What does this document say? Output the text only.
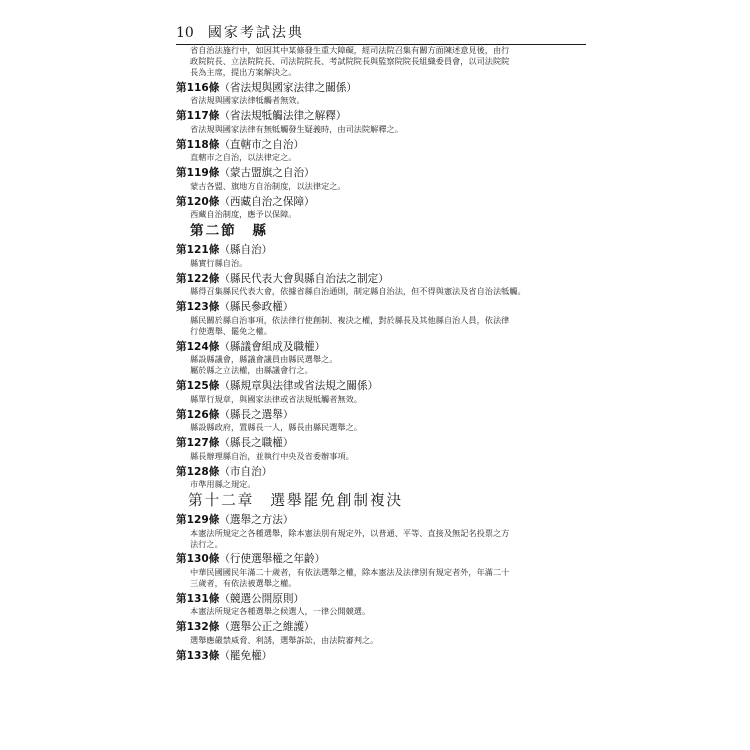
10 國家考試法典
省自治法施行中，如因其中某條發生重大障礙，經司法院召集有關方面陳述意見後，由行
政院院長、立法院院長、司法院院長、考試院院長與監察院院長組織委員會，以司法院院
長為主席，提出方案解決之。
第116條（省法規與國家法律之關係）
省法規與國家法律牴觸者無效。
第117條（省法規牴觸法律之解釋）
省法規與國家法律有無牴觸發生疑義時，由司法院解釋之。
第118條（直轄市之自治）
直轄市之自治，以法律定之。
第119條（蒙古盟旗之自治）
蒙古各盟、旗地方自治制度，以法律定之。
第120條（西藏自治之保障）
西藏自治制度，應予以保障。
第二節　縣
第121條（縣自治）
縣實行縣自治。
第122條（縣民代表大會與縣自治法之制定）
縣得召集縣民代表大會，依據省縣自治通則，制定縣自治法，但不得與憲法及省自治法牴觸。
第123條（縣民參政權）
縣民關於縣自治事項，依法律行使創制、複決之權，對於縣長及其他縣自治人員，依法律
行使選舉、罷免之權。
第124條（縣議會組成及職權）
縣設縣議會，縣議會議員由縣民選舉之。
屬於縣之立法權，由縣議會行之。
第125條（縣規章與法律或省法規之關係）
縣單行規章，與國家法律或省法規牴觸者無效。
第126條（縣長之選舉）
縣設縣政府，置縣長一人，縣長由縣民選舉之。
第127條（縣長之職權）
縣長辦理縣自治，並執行中央及省委辦事項。
第128條（市自治）
市準用縣之規定。
第十二章 選舉罷免創制複決
第129條（選舉之方法）
本憲法所規定之各種選舉，除本憲法別有規定外，以普通、平等、直接及無記名投票之方
法行之。
第130條（行使選舉權之年齡）
中華民國國民年滿二十歲者，有依法選舉之權，除本憲法及法律別有規定者外，年滿二十
三歲者，有依法被選舉之權。
第131條（競選公開原則）
本憲法所規定各種選舉之候選人，一律公開競選。
第132條（選舉公正之維護）
選舉應嚴禁威脅、利誘，選舉訴訟，由法院審判之。
第133條（罷免權）
